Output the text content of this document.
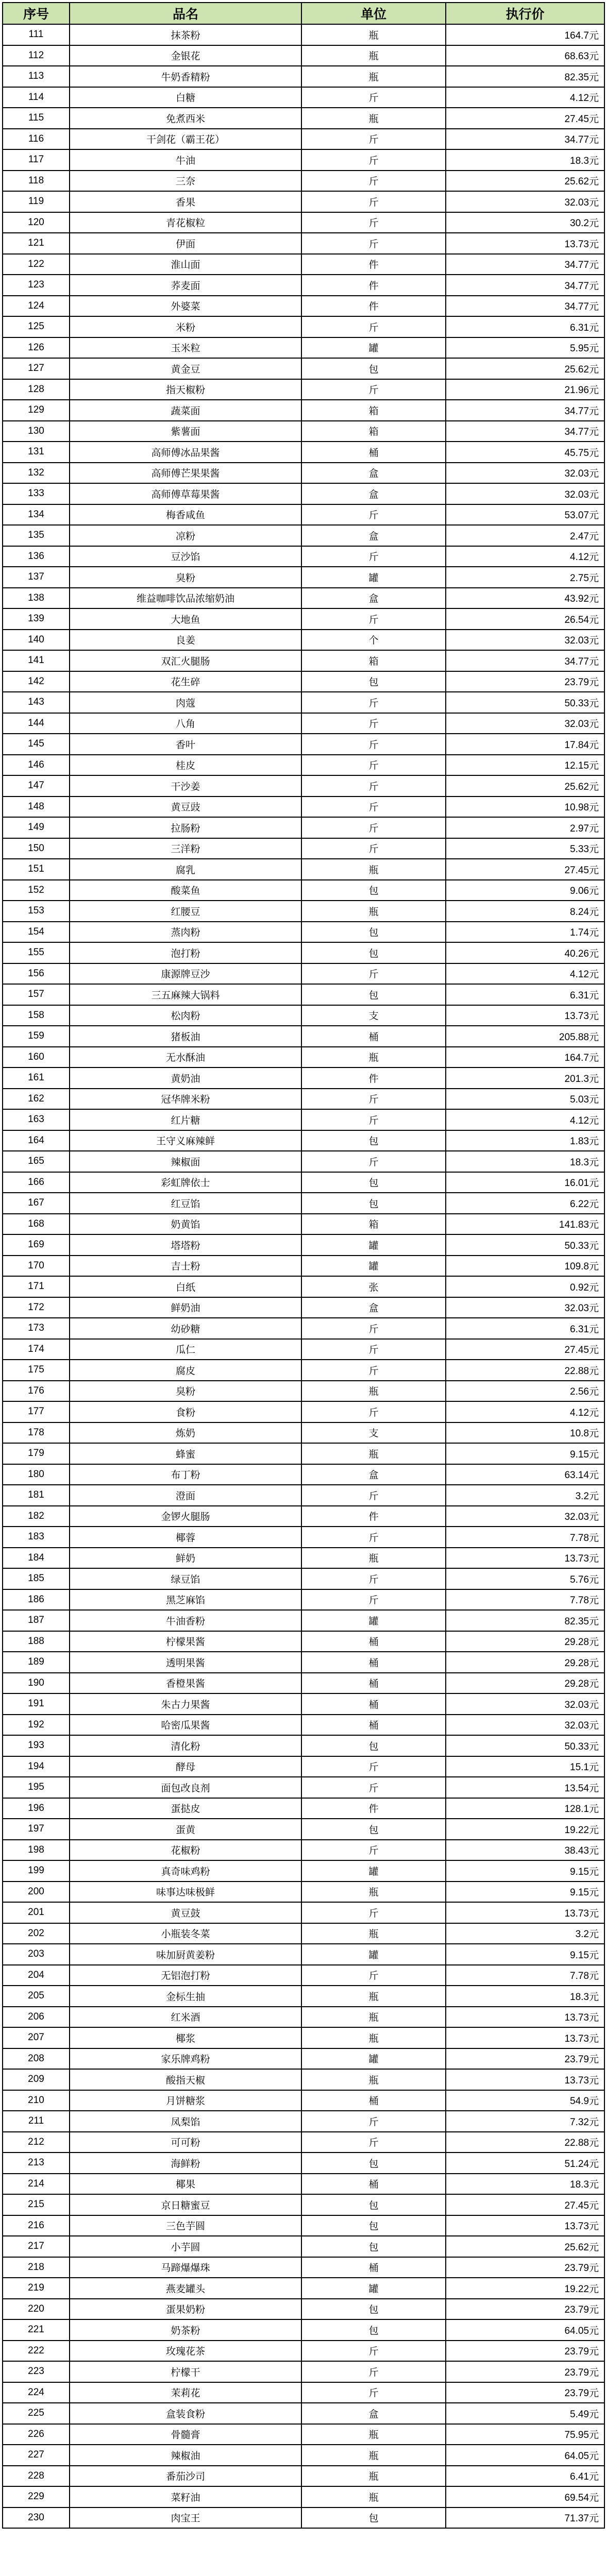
序号	品名	单位	执行价
111	抹茶粉	瓶	164.7元
112	金银花	瓶	68.63元
113	牛奶香精粉	瓶	82.35元
114	白糖	斤	4.12元
115	免煮西米	瓶	27.45元
116	干剑花（霸王花）	斤	34.77元
117	牛油	斤	18.3元
118	三奈	斤	25.62元
119	香果	斤	32.03元
120	青花椒粒	斤	30.2元
121	伊面	斤	13.73元
122	淮山面	件	34.77元
123	荞麦面	件	34.77元
124	外婆菜	件	34.77元
125	米粉	斤	6.31元
126	玉米粒	罐	5.95元
127	黄金豆	包	25.62元
128	指天椒粉	斤	21.96元
129	蔬菜面	箱	34.77元
130	紫薯面	箱	34.77元
131	高师傅冰品果酱	桶	45.75元
132	高师傅芒果果酱	盒	32.03元
133	高师傅草莓果酱	盒	32.03元
134	梅香咸鱼	斤	53.07元
135	凉粉	盒	2.47元
136	豆沙馅	斤	4.12元
137	臭粉	罐	2.75元
138	维益咖啡饮品浓缩奶油	盒	43.92元
139	大地鱼	斤	26.54元
140	良姜	个	32.03元
141	双汇火腿肠	箱	34.77元
142	花生碎	包	23.79元
143	肉蔻	斤	50.33元
144	八角	斤	32.03元
145	香叶	斤	17.84元
146	桂皮	斤	12.15元
147	干沙姜	斤	25.62元
148	黄豆豉	斤	10.98元
149	拉肠粉	斤	2.97元
150	三洋粉	斤	5.33元
151	腐乳	瓶	27.45元
152	酸菜鱼	包	9.06元
153	红腰豆	瓶	8.24元
154	蒸肉粉	包	1.74元
155	泡打粉	包	40.26元
156	康源牌豆沙	斤	4.12元
157	三五麻辣大锅料	包	6.31元
158	松肉粉	支	13.73元
159	猪板油	桶	205.88元
160	无水酥油	瓶	164.7元
161	黄奶油	件	201.3元
162	冠华牌米粉	斤	5.03元
163	红片糖	斤	4.12元
164	王守义麻辣鲜	包	1.83元
165	辣椒面	斤	18.3元
166	彩虹牌依士	包	16.01元
167	红豆馅	包	6.22元
168	奶黄馅	箱	141.83元
169	塔塔粉	罐	50.33元
170	吉士粉	罐	109.8元
171	白纸	张	0.92元
172	鲜奶油	盒	32.03元
173	幼砂糖	斤	6.31元
174	瓜仁	斤	27.45元
175	腐皮	斤	22.88元
176	臭粉	瓶	2.56元
177	食粉	斤	4.12元
178	炼奶	支	10.8元
179	蜂蜜	瓶	9.15元
180	布丁粉	盒	63.14元
181	澄面	斤	3.2元
182	金锣火腿肠	件	32.03元
183	椰蓉	斤	7.78元
184	鲜奶	瓶	13.73元
185	绿豆馅	斤	5.76元
186	黑芝麻馅	斤	7.78元
187	牛油香粉	罐	82.35元
188	柠檬果酱	桶	29.28元
189	透明果酱	桶	29.28元
190	香橙果酱	桶	29.28元
191	朱古力果酱	桶	32.03元
192	哈密瓜果酱	桶	32.03元
193	清化粉	包	50.33元
194	酵母	斤	15.1元
195	面包改良剂	斤	13.54元
196	蛋挞皮	件	128.1元
197	蛋黄	包	19.22元
198	花椒粉	斤	38.43元
199	真奇味鸡粉	罐	9.15元
200	味事达味极鲜	瓶	9.15元
201	黄豆鼓	斤	13.73元
202	小瓶装冬菜	瓶	3.2元
203	味加厨黄姜粉	罐	9.15元
204	无铝泡打粉	斤	7.78元
205	金标生抽	瓶	18.3元
206	红米酒	瓶	13.73元
207	椰浆	瓶	13.73元
208	家乐牌鸡粉	罐	23.79元
209	酸指天椒	瓶	13.73元
210	月饼糖浆	桶	54.9元
211	凤梨馅	斤	7.32元
212	可可粉	斤	22.88元
213	海鲜粉	包	51.24元
214	椰果	桶	18.3元
215	京日糖蜜豆	包	27.45元
216	三色芋圆	包	13.73元
217	小芋圆	包	25.62元
218	马蹄爆爆珠	桶	23.79元
219	燕麦罐头	罐	19.22元
220	蛋果奶粉	包	23.79元
221	奶茶粉	包	64.05元
222	玫瑰花茶	斤	23.79元
223	柠檬干	斤	23.79元
224	茉莉花	斤	23.79元
225	盒装食粉	盒	5.49元
226	骨髓膏	瓶	75.95元
227	辣椒油	瓶	64.05元
228	番茄沙司	瓶	6.41元
229	菜籽油	瓶	69.54元
230	肉宝王	包	71.37元
